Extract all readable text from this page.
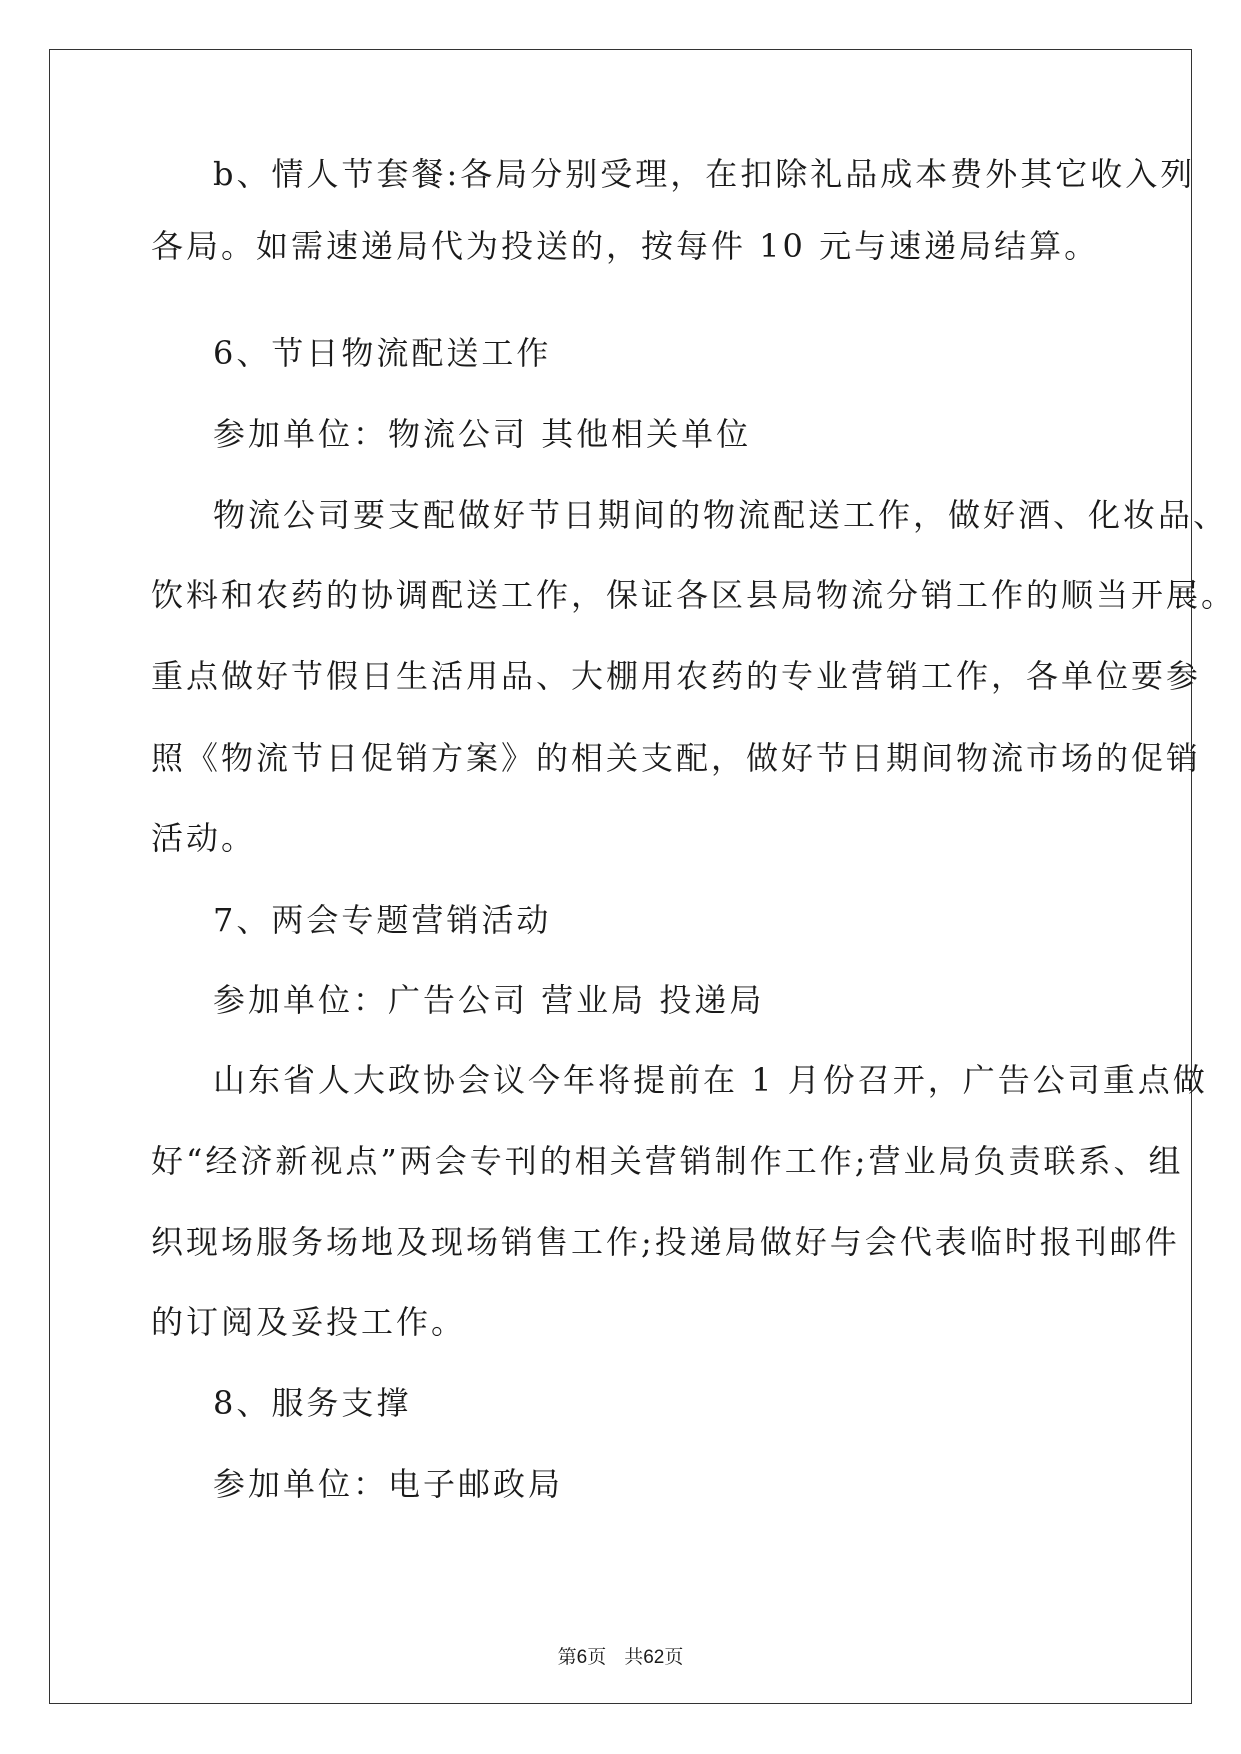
b、情人节套餐:各局分别受理，在扣除礼品成本费外其它收入列
各局。如需速递局代为投送的，按每件 10 元与速递局结算。
6、节日物流配送工作
参加单位：物流公司 其他相关单位
物流公司要支配做好节日期间的物流配送工作，做好酒、化妆品、
饮料和农药的协调配送工作，保证各区县局物流分销工作的顺当开展。
重点做好节假日生活用品、大棚用农药的专业营销工作，各单位要参
照《物流节日促销方案》的相关支配，做好节日期间物流市场的促销
活动。
7、两会专题营销活动
参加单位：广告公司 营业局 投递局
山东省人大政协会议今年将提前在 1 月份召开，广告公司重点做
好“经济新视点”两会专刊的相关营销制作工作;营业局负责联系、组
织现场服务场地及现场销售工作;投递局做好与会代表临时报刊邮件
的订阅及妥投工作。
8、服务支撑
参加单位：电子邮政局
第6页 共62页
